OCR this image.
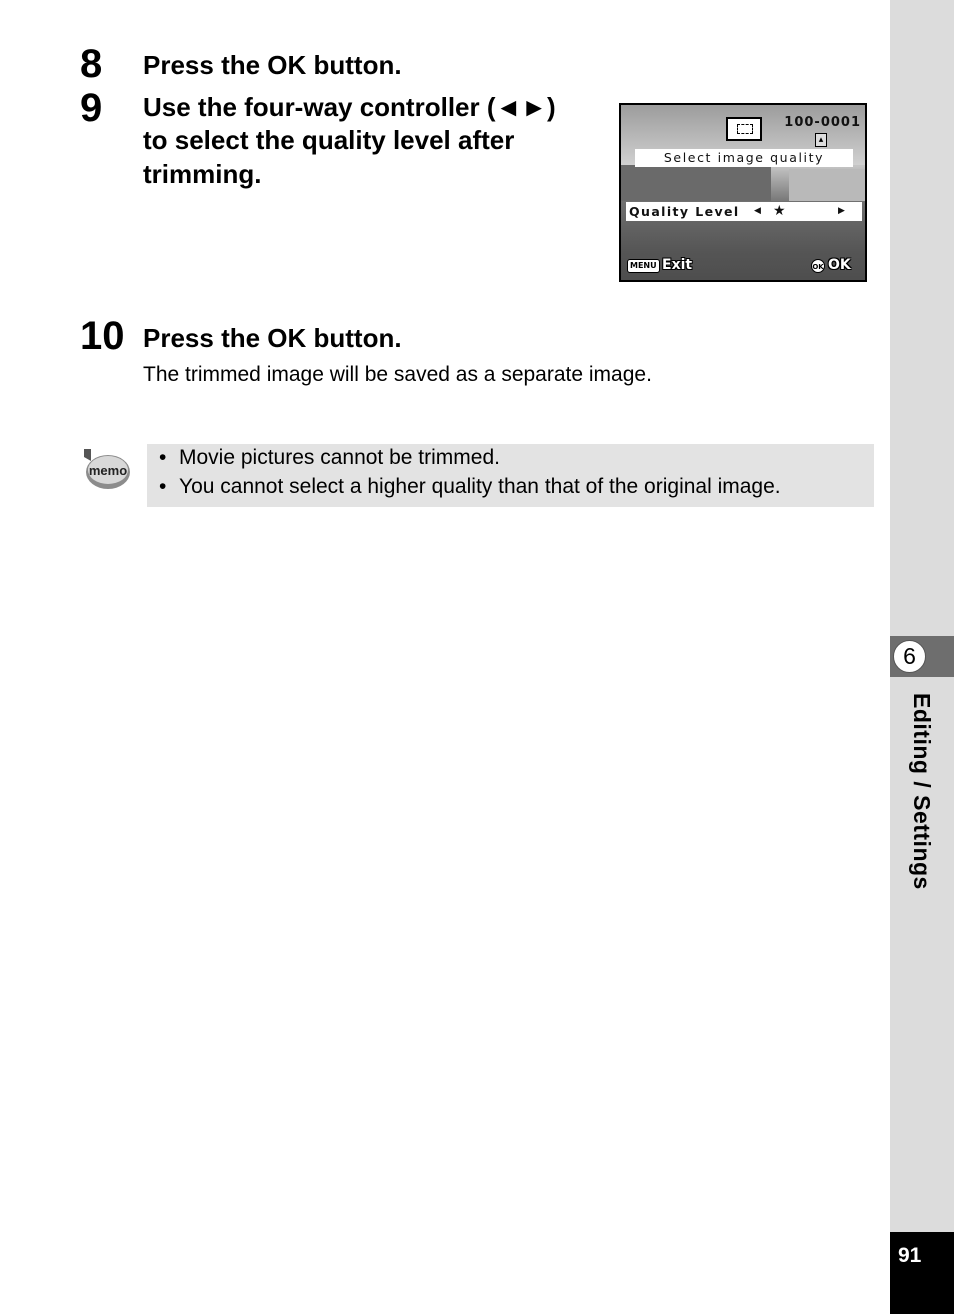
8 Press the OK button.
9 Use the four-way controller (◄►)
to select the quality level after
trimming.
100-0001
▴
Select image quality
Quality Level ◀ ★	▶
MENU Exit	OK OK
10 Press the OK button.
The trimmed image will be saved as a separate image.
memo
• Movie pictures cannot be trimmed.
• You cannot select a higher quality than that of the original image.
6
Editing / Settings
91
